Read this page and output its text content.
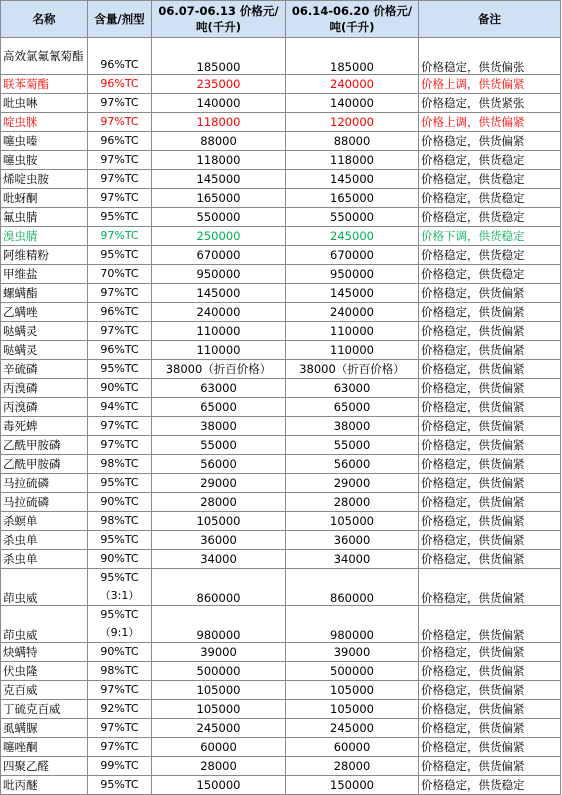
名称	含量/剂型	06.07-06.13 价格元/吨(千升)	06.14-06.20 价格元/吨(千升)	备注
高效氯氟氰菊酯	96%TC	185000	185000	价格稳定，供货偏张
联苯菊酯	96%TC	235000	240000	价格上调，供货偏紧
吡虫啉	97%TC	140000	140000	价格稳定，供货紧张
啶虫脒	97%TC	118000	120000	价格上调，供货偏紧
噻虫嗪	96%TC	88000	88000	价格稳定，供货偏紧
噻虫胺	97%TC	118000	118000	价格稳定，供货稳定
烯啶虫胺	97%TC	145000	145000	价格稳定，供货稳定
吡蚜酮	97%TC	165000	165000	价格稳定，供货稳定
氟虫腈	95%TC	550000	550000	价格稳定，供货稳定
溴虫腈	97%TC	250000	245000	价格下调，供货稳定
阿维精粉	95%TC	670000	670000	价格稳定，供货稳定
甲维盐	70%TC	950000	950000	价格稳定，供货稳定
螺螨酯	97%TC	145000	145000	价格稳定，供货偏紧
乙螨唑	96%TC	240000	240000	价格稳定，供货偏紧
哒螨灵	97%TC	110000	110000	价格稳定，供货偏紧
哒螨灵	96%TC	110000	110000	价格稳定，供货偏紧
辛硫磷	95%TC	38000（折百价格）	38000（折百价格）	价格稳定，供货偏紧
丙溴磷	90%TC	63000	63000	价格稳定，供货偏紧
丙溴磷	94%TC	65000	65000	价格稳定，供货偏紧
毒死蜱	97%TC	38000	38000	价格稳定，供货偏紧
乙酰甲胺磷	97%TC	55000	55000	价格稳定，供货偏紧
乙酰甲胺磷	98%TC	56000	56000	价格稳定，供货偏紧
马拉硫磷	95%TC	29000	29000	价格稳定，供货偏紧
马拉硫磷	90%TC	28000	28000	价格稳定，供货偏紧
杀螟单	98%TC	105000	105000	价格稳定，供货偏紧
杀虫单	95%TC	36000	36000	价格稳定，供货偏紧
杀虫单	90%TC	34000	34000	价格稳定，供货偏紧
茚虫威	95%TC（3:1）	860000	860000	价格稳定，供货偏紧
茚虫威	95%TC（9:1）	980000	980000	价格稳定，供货偏紧
炔螨特	90%TC	39000	39000	价格稳定，供货偏紧
伏虫隆	98%TC	500000	500000	价格稳定，供货偏紧
克百威	97%TC	105000	105000	价格稳定，供货偏紧
丁硫克百威	92%TC	105000	105000	价格稳定，供货偏紧
虱螨脲	97%TC	245000	245000	价格稳定，供货偏紧
噻唑酮	97%TC	60000	60000	价格稳定，供货偏紧
四聚乙醛	99%TC	28000	28000	价格稳定，供货偏紧
吡丙醚	95%TC	150000	150000	价格稳定，供货稳定
